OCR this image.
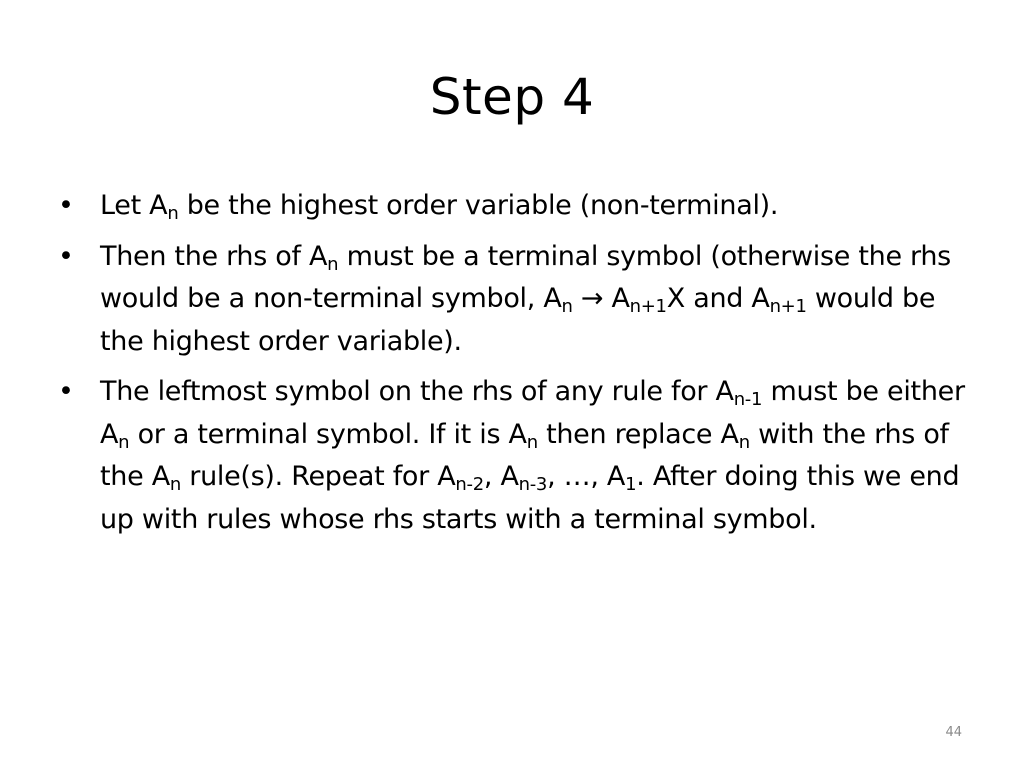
Step 4
• Let $A_n$ be the highest order variable (non-terminal).
• Then the rhs of $A_n$ must be a terminal symbol (otherwise the rhs would be a non-terminal symbol, $A_n \to A_{n+1}X$ and $A_{n+1}$ would be the highest order variable).
• The leftmost symbol on the rhs of any rule for $A_{n-1}$ must be either $A_n$ or a terminal symbol. If it is $A_n$ then replace $A_n$ with the rhs of the $A_n$ rule(s). Repeat for $A_{n-2}$, $A_{n-3}$, …, $A_1$. After doing this we end up with rules whose rhs starts with a terminal symbol.
44
